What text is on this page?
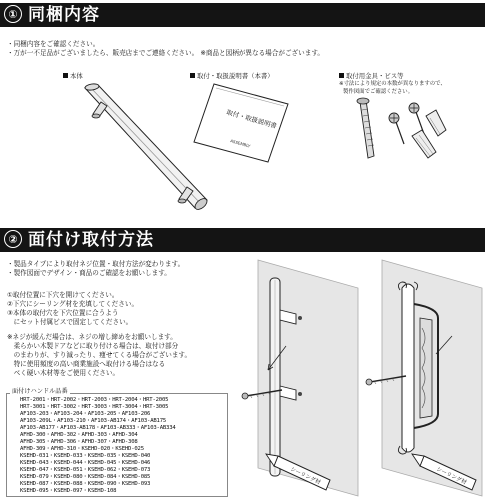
① 同梱内容
・同梱内容をご確認ください。
・万が一不足品がございましたら、販売店までご連絡ください。 ※商品と図柄が異なる場合がございます。
本体	取付・取扱説明書（本書）	取付用金具・ビス等
※寸法により規定の本数が異なりますので、
製作図面でご確認ください。
取付・取扱説明書
ASSEMBLY
② 面付け取付方法
・製品タイプにより取付ネジ位置・取付方法が変わります。
・製作図面でデザイン・商品のご確認をお願いします。
①取付位置に下穴を開けてください。
②下穴にシーリング材を充填してください。
③本体の取付穴を下穴位置に合うよう
　にセット付属ビスで固定してください。
※ネジが緩んだ場合は、ネジの増し締めをお願いします。
　柔らかい木製ドアなどに取り付ける場合は、取付け部分
　のまわりが、すり減ったり、痩せてくる場合がございます。
　特に使用頻度の高い商業施設へ取付ける場合はなる
　べく硬い木材等をご使用ください。
面付けハンドル品番
HRT-2001・HRT-2002・HRT-2003・HRT-2004・HRT-2005
HRT-3001・HRT-3002・HRT-3003・HRT-3004・HRT-3005
AF103-203・AF103-204・AF103-205・AF103-206
AF103-209L・AF103-210・AF103-AB174・AF103-AB175
AF103-AB177・AF103-AB178・AF103-AB333・AF103-AB334
AFHD-300・AFHD-302・AFHD-303・AFHD-304
AFHD-305・AFHD-306・AFHD-307・AFHD-308
AFHD-309・AFHD-310・KSEHD-020・KSEHD-025
KSEHD-031・KSEHD-033・KSEHD-035・KSEHD-040
KSEHD-043・KSEHD-044・KSEHD-045・KSEHD-046
KSEHD-047・KSEHD-051・KSEHD-062・KSEHD-073
KSEHD-079・KSEHD-080・KSEHD-084・KSEHD-085
KSEHD-087・KSEHD-088・KSEHD-090・KSEHD-093
KSEHD-095・KSEHD-097・KSEHD-108
シーリング材	シーリング材
